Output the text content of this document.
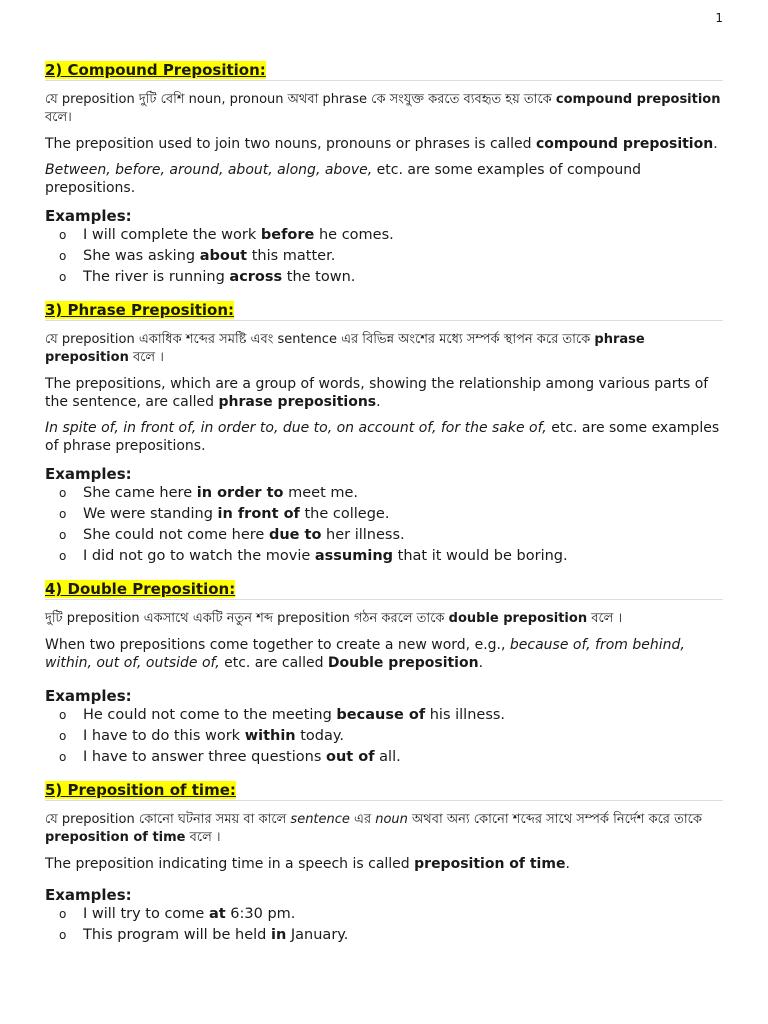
1
2) Compound Preposition:
যে preposition দুটি বেশি noun, pronoun অথবা phrase কে সংযুক্ত করতে ব্যবহৃত হয় তাকে compound preposition বলে।
The preposition used to join two nouns, pronouns or phrases is called compound preposition.
Between, before, around, about, along, above, etc. are some examples of compound prepositions.
Examples:
o I will complete the work before he comes.
o She was asking about this matter.
o The river is running across the town.
3) Phrase Preposition:
যে preposition একাধিক শব্দের সমষ্টি এবং sentence এর বিভিন্ন অংশের মধ্যে সম্পর্ক স্থাপন করে তাকে phrase preposition বলে ।
The prepositions, which are a group of words, showing the relationship among various parts of the sentence, are called phrase prepositions.
In spite of, in front of, in order to, due to, on account of, for the sake of, etc. are some examples of phrase prepositions.
Examples:
o She came here in order to meet me.
o We were standing in front of the college.
o She could not come here due to her illness.
o I did not go to watch the movie assuming that it would be boring.
4) Double Preposition:
দুটি preposition একসাথে একটি নতুন শব্দ preposition গঠন করলে তাকে double preposition বলে ।
When two prepositions come together to create a new word, e.g., because of, from behind, within, out of, outside of, etc. are called Double preposition.
Examples:
o He could not come to the meeting because of his illness.
o I have to do this work within today.
o I have to answer three questions out of all.
5) Preposition of time:
যে preposition কোনো ঘটনার সময় বা কালে sentence এর noun অথবা অন্য কোনো শব্দের সাথে সম্পর্ক নির্দেশ করে তাকে preposition of time বলে ।
The preposition indicating time in a speech is called preposition of time.
Examples:
o I will try to come at 6:30 pm.
o This program will be held in January.
